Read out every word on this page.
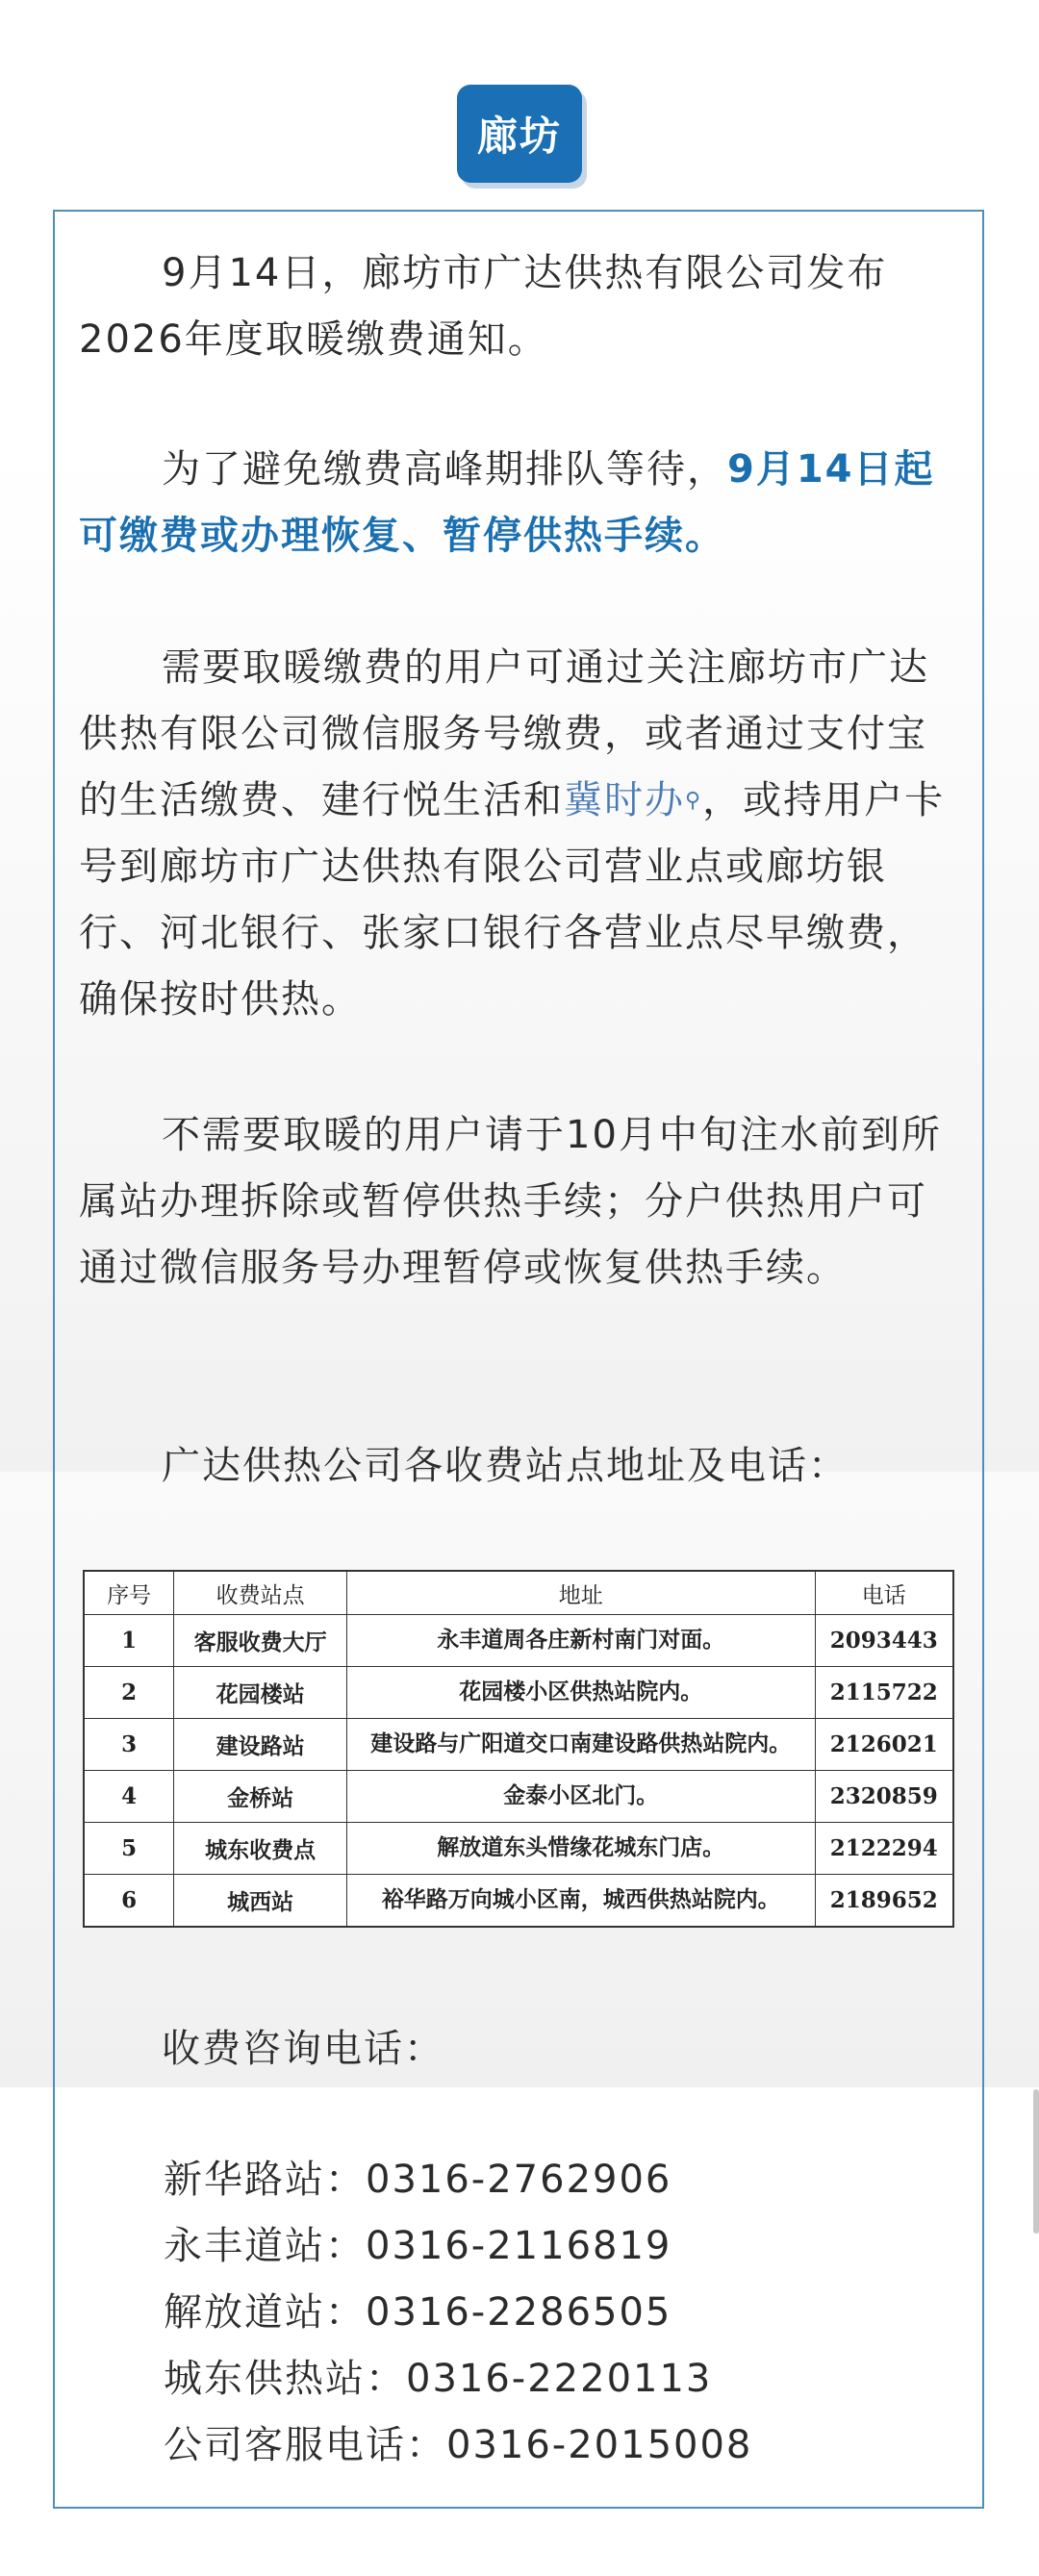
廊坊

9月14日，廊坊市广达供热有限公司发布2026年度取暖缴费通知。

为了避免缴费高峰期排队等待，9月14日起可缴费或办理恢复、暂停供热手续。

需要取暖缴费的用户可通过关注廊坊市广达供热有限公司微信服务号缴费，或者通过支付宝的生活缴费、建行悦生活和冀时办⚲，或持用户卡号到廊坊市广达供热有限公司营业点或廊坊银行、河北银行、张家口银行各营业点尽早缴费，确保按时供热。

不需要取暖的用户请于10月中旬注水前到所属站办理拆除或暂停供热手续；分户供热用户可通过微信服务号办理暂停或恢复供热手续。

广达供热公司各收费站点地址及电话：

序号	收费站点	地址	电话
1	客服收费大厅	永丰道周各庄新村南门对面。	2093443
2	花园楼站	花园楼小区供热站院内。	2115722
3	建设路站	建设路与广阳道交口南建设路供热站院内。	2126021
4	金桥站	金泰小区北门。	2320859
5	城东收费点	解放道东头惜缘花城东门店。	2122294
6	城西站	裕华路万向城小区南，城西供热站院内。	2189652

收费咨询电话：

新华路站：0316-2762906
永丰道站：0316-2116819
解放道站：0316-2286505
城东供热站：0316-2220113
公司客服电话：0316-2015008
